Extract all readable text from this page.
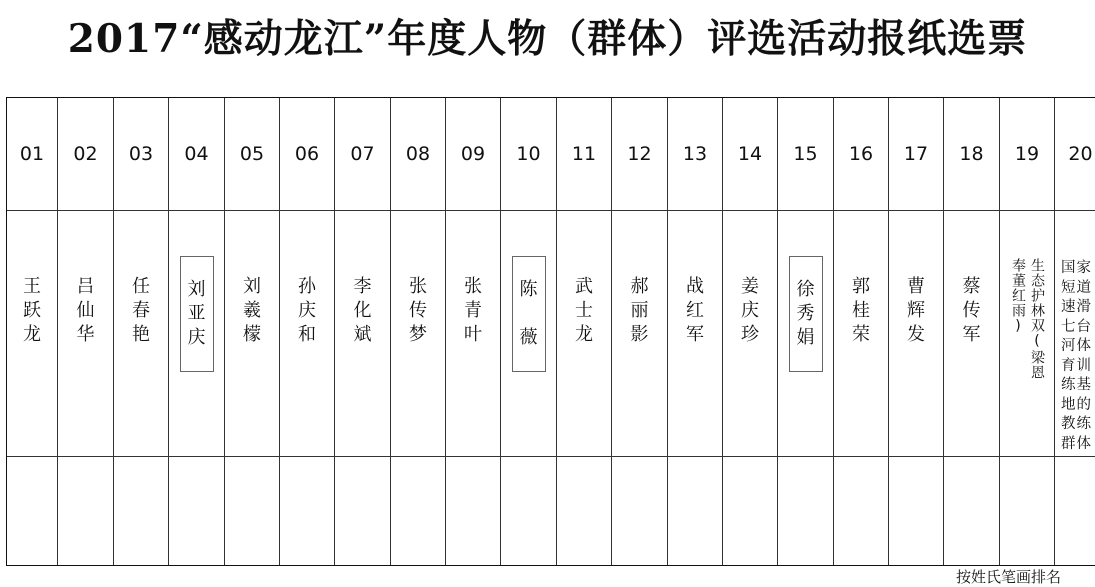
2017“感动龙江”年度人物（群体）评选活动报纸选票
01
王
跃
龙
02
吕
仙
华
03
任
春
艳
04
刘
亚
庆
05
刘
羲
檬
06
孙
庆
和
07
李
化
斌
08
张
传
梦
09
张
青
叶
10
陈

薇
11
武
士
龙
12
郝
丽
影
13
战
红
军
14
姜
庆
珍
15
徐
秀
娟
16
郭
桂
荣
17
曹
辉
发
18
蔡
传
军
19
生态护林双(梁恩奉董红雨)
20

国家短道速滑七台河体育训练基地的教练群体

按姓氏笔画排名
